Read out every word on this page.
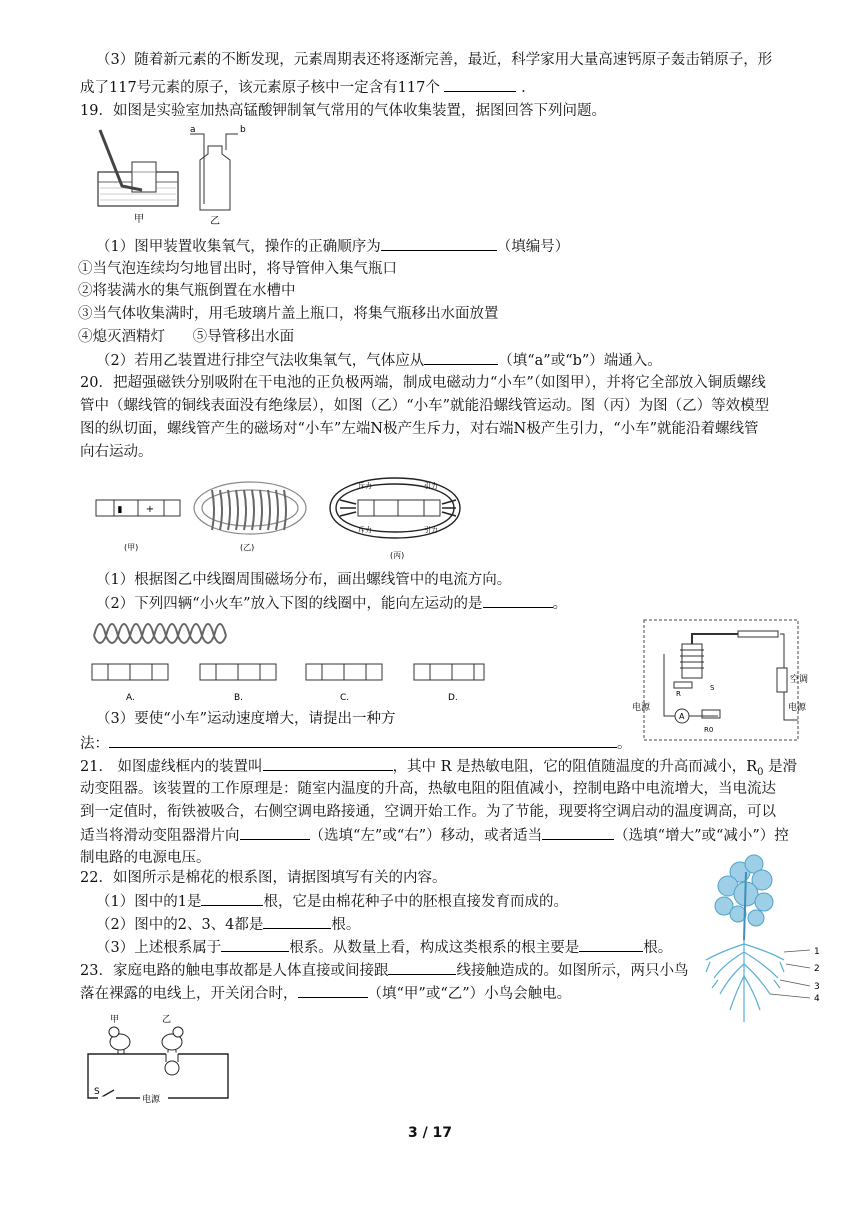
（3）随着新元素的不断发现，元素周期表还将逐渐完善，最近，科学家用大量高速钙原子轰击销原子，形
成了117号元素的原子，该元素原子核中一定含有117个	.
19．如图是实验室加热高锰酸钾制氧气常用的气体收集装置，据图回答下列问题。
甲
a	b
乙
（1）图甲装置收集氧气，操作的正确顺序为	（填编号）
①当气泡连续均匀地冒出时，将导管伸入集气瓶口
②将装满水的集气瓶倒置在水槽中
③当气体收集满时，用毛玻璃片盖上瓶口，将集气瓶移出水面放置
④熄灭酒精灯 ⑤导管移出水面
（2）若用乙装置进行排空气法收集氧气，气体应从	（填“a”或“b”）端通入。
20．把超强磁铁分别吸附在干电池的正负极两端，制成电磁动力“小车”（如图甲），并将它全部放入铜质螺线
管中（螺线管的铜线表面没有绝缘层），如图（乙）“小车”就能沿螺线管运动。图（丙）为图（乙）等效模型
图的纵切面，螺线管产生的磁场对“小车”左端N极产生斥力，对右端N极产生引力，“小车”就能沿着螺线管
向右运动。
▮ +
(甲)	(乙)
斥力	引力
斥力	引力
(丙)
（1）根据图乙中线圈周围磁场分布，画出螺线管中的电流方向。
（2）下列四辆“小火车”放入下图的线圈中，能向左运动的是	。
A.	B.	C.	D.	R
S
A
R0
空调
电源
电源
（3）要使“小车”运动速度增大，请提出一种方
法：	。
21． 如图虚线框内的装置叫	，其中 R 是热敏电阻，它的阻值随温度的升高而减小，$R_0$ 是滑
动变阻器。该装置的工作原理是：随室内温度的升高，热敏电阻的阻值减小，控制电路中电流增大，当电流达
到一定值时，衔铁被吸合，右侧空调电路接通，空调开始工作。为了节能，现要将空调启动的温度调高，可以
适当将滑动变阻器滑片向	（选填“左”或“右”）移动，或者适当	（选填“增大”或“减小”）控
制电路的电源电压。
22．如图所示是棉花的根系图，请据图填写有关的内容。
（1）图中的1是	根，它是由棉花种子中的胚根直接发育而成的。
（2）图中的2、3、4都是	根。
（3）上述根系属于	根系。从数量上看，构成这类根系的根主要是	根。	1
2
3
4
23．家庭电路的触电事故都是人体直接或间接跟	线接触造成的。如图所示，两只小鸟
落在裸露的电线上，开关闭合时，	（填“甲”或“乙”）小鸟会触电。
甲	乙
S
电源
3 / 17
